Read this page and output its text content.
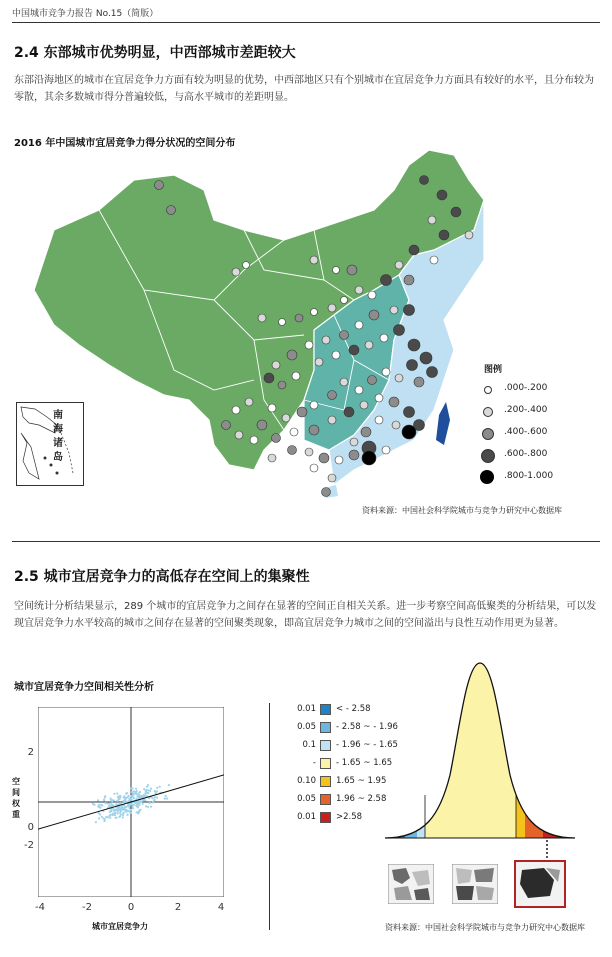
中国城市竞争力报告 No.15（简版）
2.4 东部城市优势明显，中西部城市差距较大
东部沿海地区的城市在宜居竞争力方面有较为明显的优势，中西部地区只有个别城市在宜居竞争力方面具有较好的水平，且分布较为零散，其余多数城市得分普遍较低，与高水平城市的差距明显。
2016 年中国城市宜居竞争力得分状况的空间分布
南海诸岛
图例
.000-.200
.200-.400
.400-.600
.600-.800
.800-1.000
资料来源：中国社会科学院城市与竞争力研究中心数据库
2.5 城市宜居竞争力的高低存在空间上的集聚性
空间统计分析结果显示，289 个城市的宜居竞争力之间存在显著的空间正自相关关系。进一步考察空间高低聚类的分析结果，可以发现宜居竞争力水平较高的城市之间存在显著的空间聚类现象，即高宜居竞争力城市之间的空间溢出与良性互动作用更为显著。
城市宜居竞争力空间相关性分析
空间权重
2
0
-2
-4	-2	0	2	4
城市宜居竞争力
0.01 < - 2.58
0.05 - 2.58 ~ - 1.96
0.1 - 1.96 ~ - 1.65
- - 1.65 ~ 1.65
0.10 1.65 ~ 1.95
0.05 1.96 ~ 2.58
0.01 >2.58
资料来源：中国社会科学院城市与竞争力研究中心数据库
